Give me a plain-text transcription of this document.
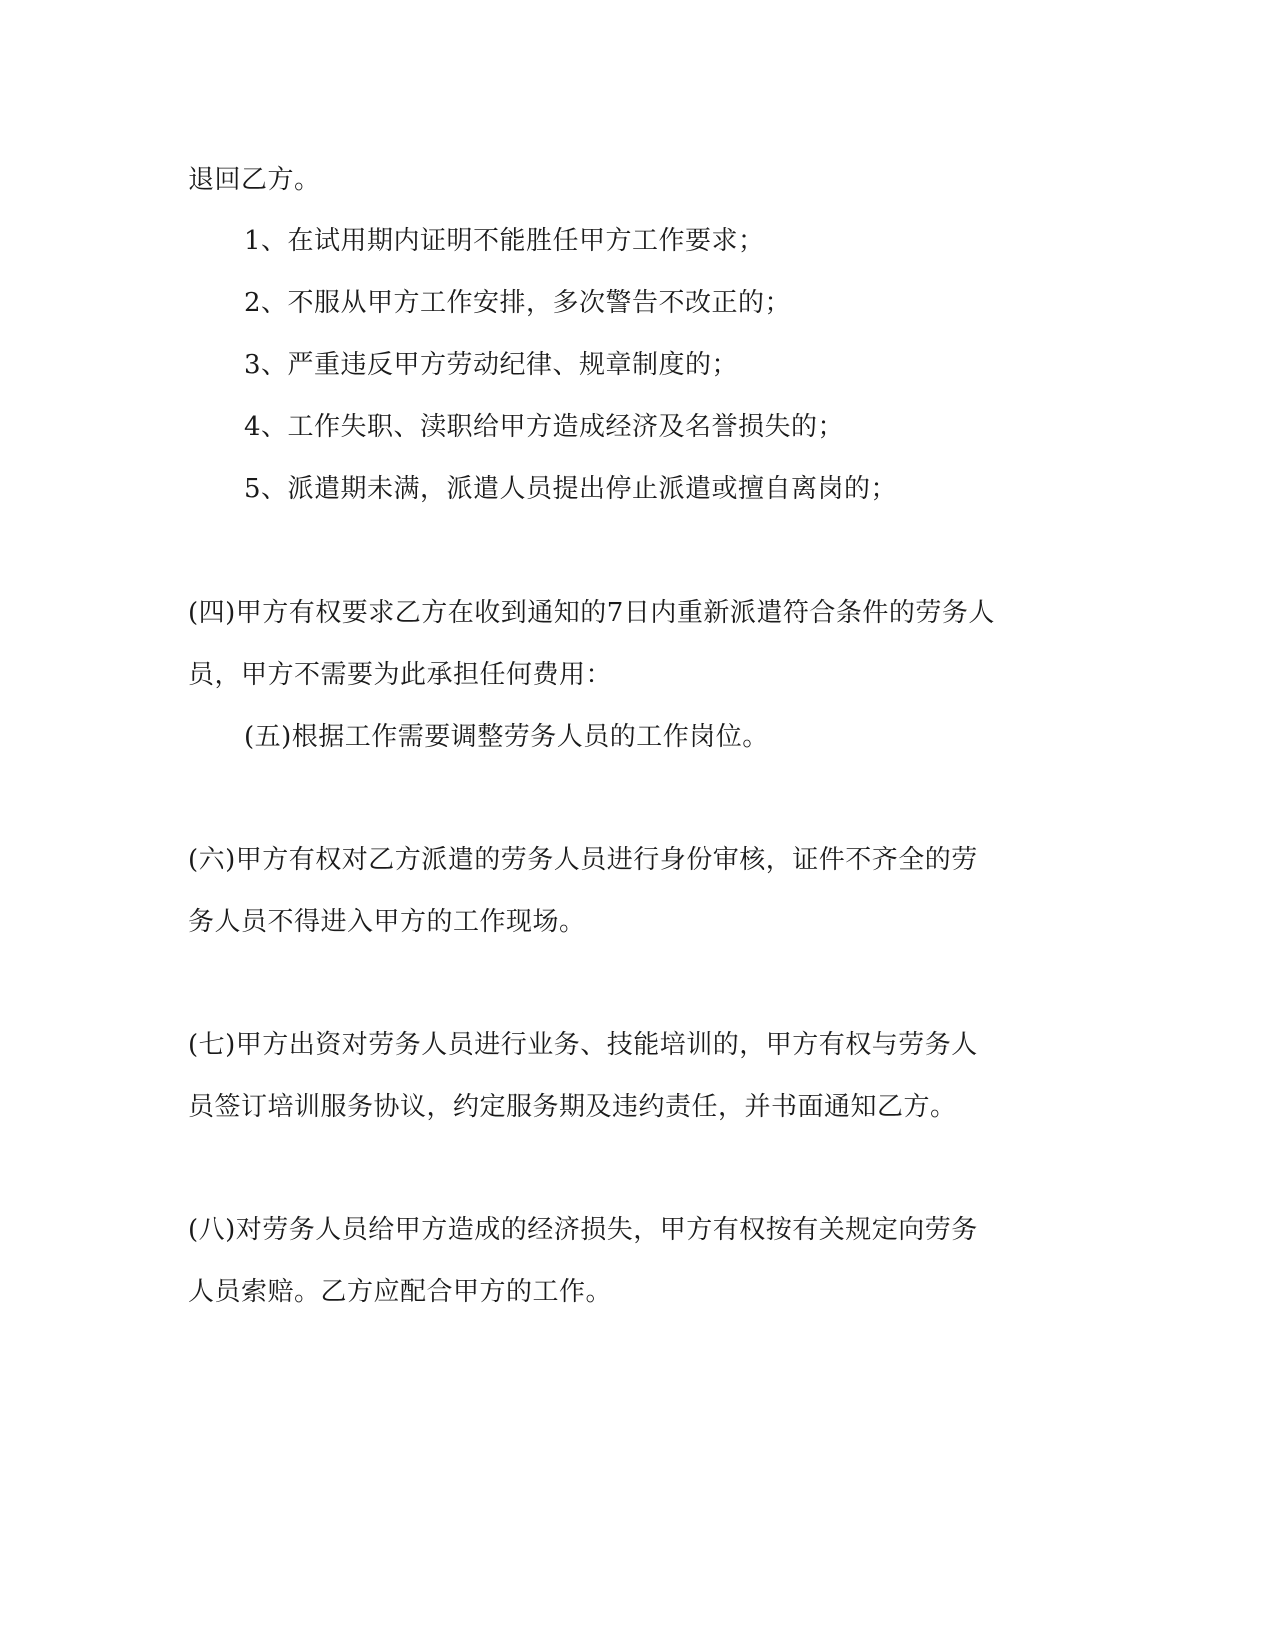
退回乙方。
1、在试用期内证明不能胜任甲方工作要求；
2、不服从甲方工作安排，多次警告不改正的；
3、严重违反甲方劳动纪律、规章制度的；
4、工作失职、渎职给甲方造成经济及名誉损失的；
5、派遣期未满，派遣人员提出停止派遣或擅自离岗的；
(四)甲方有权要求乙方在收到通知的7日内重新派遣符合条件的劳务人
员，甲方不需要为此承担任何费用：
(五)根据工作需要调整劳务人员的工作岗位。
(六)甲方有权对乙方派遣的劳务人员进行身份审核，证件不齐全的劳
务人员不得进入甲方的工作现场。
(七)甲方出资对劳务人员进行业务、技能培训的，甲方有权与劳务人
员签订培训服务协议，约定服务期及违约责任，并书面通知乙方。
(八)对劳务人员给甲方造成的经济损失，甲方有权按有关规定向劳务
人员索赔。乙方应配合甲方的工作。
